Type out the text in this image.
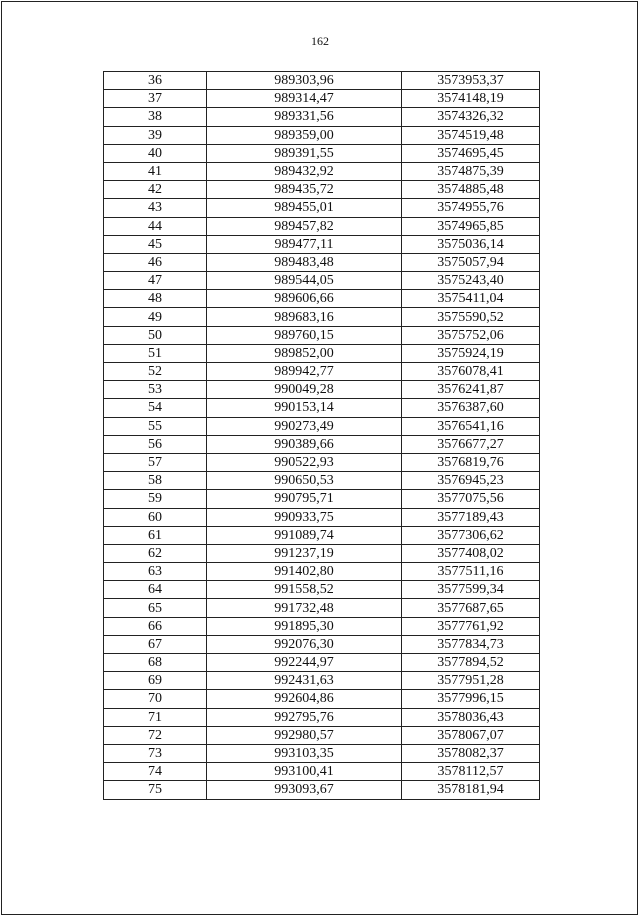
162
36	989303,96	3573953,37
37	989314,47	3574148,19
38	989331,56	3574326,32
39	989359,00	3574519,48
40	989391,55	3574695,45
41	989432,92	3574875,39
42	989435,72	3574885,48
43	989455,01	3574955,76
44	989457,82	3574965,85
45	989477,11	3575036,14
46	989483,48	3575057,94
47	989544,05	3575243,40
48	989606,66	3575411,04
49	989683,16	3575590,52
50	989760,15	3575752,06
51	989852,00	3575924,19
52	989942,77	3576078,41
53	990049,28	3576241,87
54	990153,14	3576387,60
55	990273,49	3576541,16
56	990389,66	3576677,27
57	990522,93	3576819,76
58	990650,53	3576945,23
59	990795,71	3577075,56
60	990933,75	3577189,43
61	991089,74	3577306,62
62	991237,19	3577408,02
63	991402,80	3577511,16
64	991558,52	3577599,34
65	991732,48	3577687,65
66	991895,30	3577761,92
67	992076,30	3577834,73
68	992244,97	3577894,52
69	992431,63	3577951,28
70	992604,86	3577996,15
71	992795,76	3578036,43
72	992980,57	3578067,07
73	993103,35	3578082,37
74	993100,41	3578112,57
75	993093,67	3578181,94
